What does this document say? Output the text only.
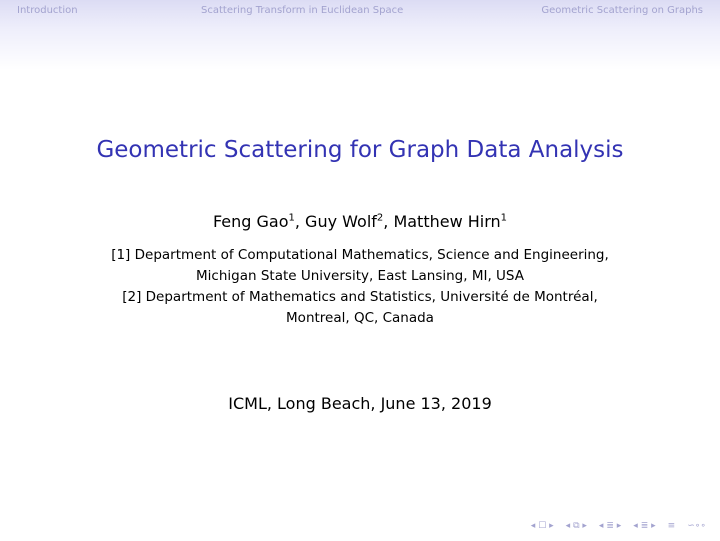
Introduction	Scattering Transform in Euclidean Space	Geometric Scattering on Graphs
Geometric Scattering for Graph Data Analysis
Feng Gao$^1$, Guy Wolf$^2$, Matthew Hirn$^1$
[1] Department of Computational Mathematics, Science and Engineering,
Michigan State University, East Lansing, MI, USA
[2] Department of Mathematics and Statistics, Université de Montréal,
Montreal, QC, Canada
ICML, Long Beach, June 13, 2019
◂ ☐ ▸ ◂ ⧉ ▸ ◂ ≣ ▸ ◂ ≣ ▸ ≡ ∽∘∘
